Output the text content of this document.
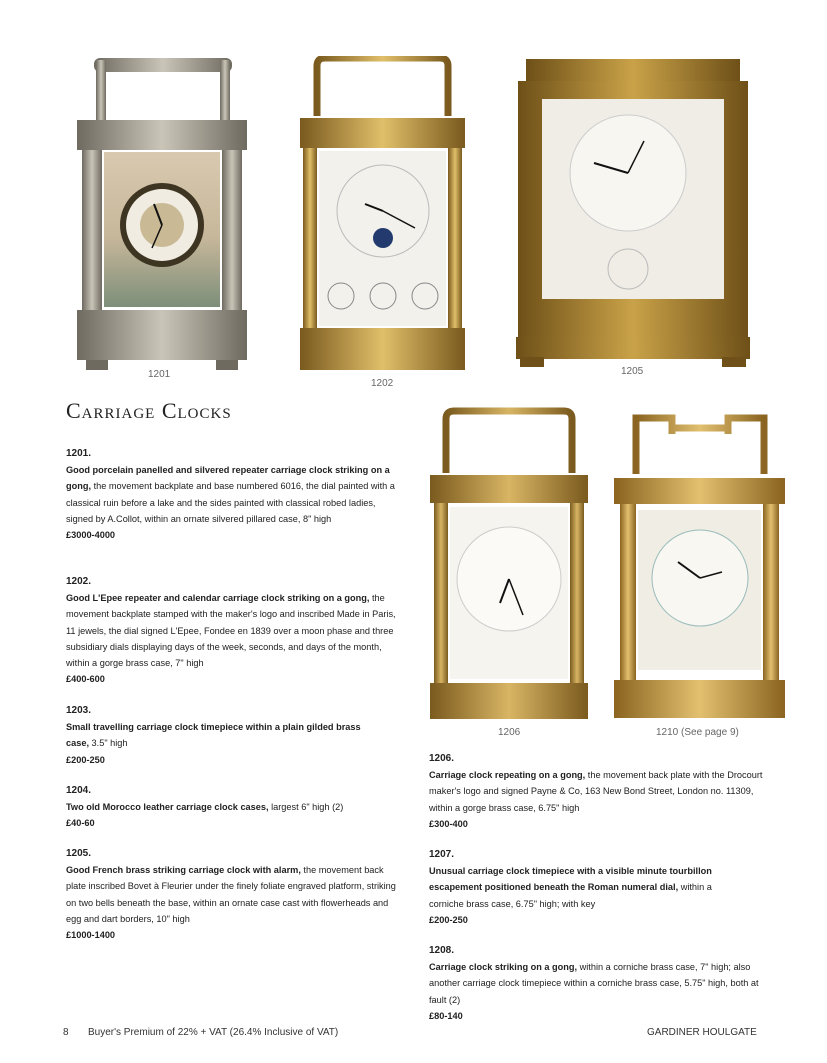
1201
1202
1205
1206	1210 (See page 9)
Carriage Clocks
1201.
Good porcelain panelled and silvered repeater carriage clock striking on a gong, the movement backplate and base numbered 6016, the dial painted with a classical ruin before a lake and the sides painted with classical robed ladies, signed by A.Collot, within an ornate silvered pillared case, 8" high
£3000-4000
1202.
Good L'Epee repeater and calendar carriage clock striking on a gong, the movement backplate stamped with the maker's logo and inscribed Made in Paris, 11 jewels, the dial signed L'Epee, Fondee en 1839 over a moon phase and three subsidiary dials displaying days of the week, seconds, and days of the month, within a gorge brass case, 7" high
£400-600
1203.
Small travelling carriage clock timepiece within a plain gilded brass case, 3.5" high
£200-250
1204.
Two old Morocco leather carriage clock cases, largest 6" high (2)
£40-60
1205.
Good French brass striking carriage clock with alarm, the movement back plate inscribed Bovet à Fleurier under the finely foliate engraved platform, striking on two bells beneath the base, within an ornate case cast with flowerheads and egg and dart borders, 10" high
£1000-1400
1206.
Carriage clock repeating on a gong, the movement back plate with the Drocourt maker's logo and signed Payne & Co, 163 New Bond Street, London no. 11309, within a gorge brass case, 6.75" high
£300-400
1207.
Unusual carriage clock timepiece with a visible minute tourbillon escapement positioned beneath the Roman numeral dial, within a corniche brass case, 6.75" high; with key
£200-250
1208.
Carriage clock striking on a gong, within a corniche brass case, 7" high; also another carriage clock timepiece within a corniche brass case, 5.75" high, both at fault (2)
£80-140
8 Buyer's Premium of 22% + VAT (26.4% Inclusive of VAT)	GARDINER HOULGATE
